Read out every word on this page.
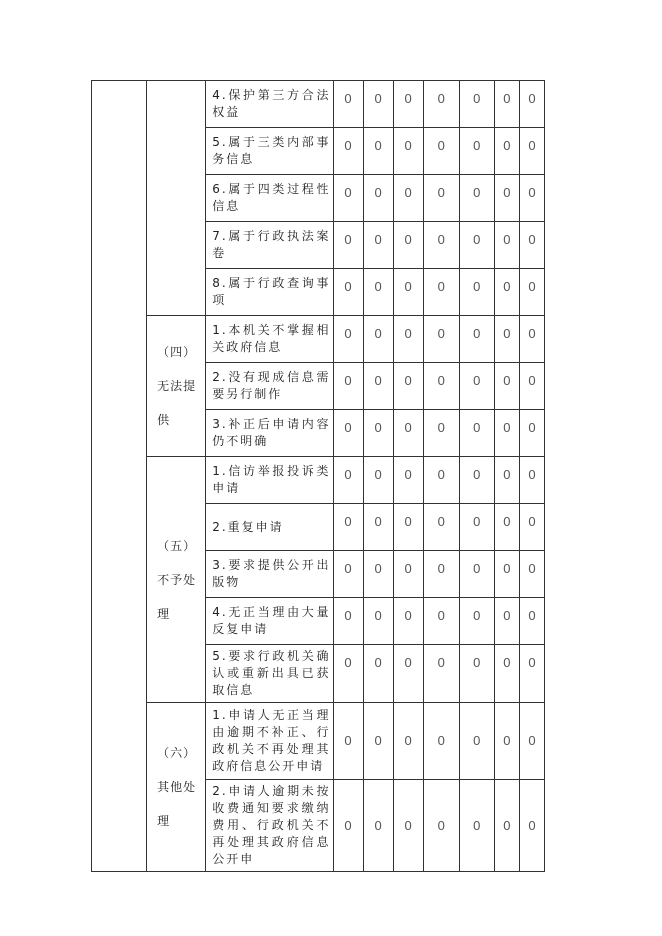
		4.保护第三方合法权益	0	0	0	0	0	0	0
		5.属于三类内部事务信息	0	0	0	0	0	0	0
		6.属于四类过程性信息	0	0	0	0	0	0	0
		7.属于行政执法案卷	0	0	0	0	0	0	0
		8.属于行政查询事项	0	0	0	0	0	0	0
	（四）无法提供	1.本机关不掌握相关政府信息	0	0	0	0	0	0	0
		2.没有现成信息需要另行制作	0	0	0	0	0	0	0
		3.补正后申请内容仍不明确	0	0	0	0	0	0	0
	（五）不予处理	1.信访举报投诉类申请	0	0	0	0	0	0	0
		2.重复申请	0	0	0	0	0	0	0
		3.要求提供公开出版物	0	0	0	0	0	0	0
		4.无正当理由大量反复申请	0	0	0	0	0	0	0
		5.要求行政机关确认或重新出具已获取信息	0	0	0	0	0	0	0
	（六）其他处理	1.申请人无正当理由逾期不补正、行政机关不再处理其政府信息公开申请	0	0	0	0	0	0	0
		2.申请人逾期未按收费通知要求缴纳费用、行政机关不再处理其政府信息公开申	0	0	0	0	0	0	0
